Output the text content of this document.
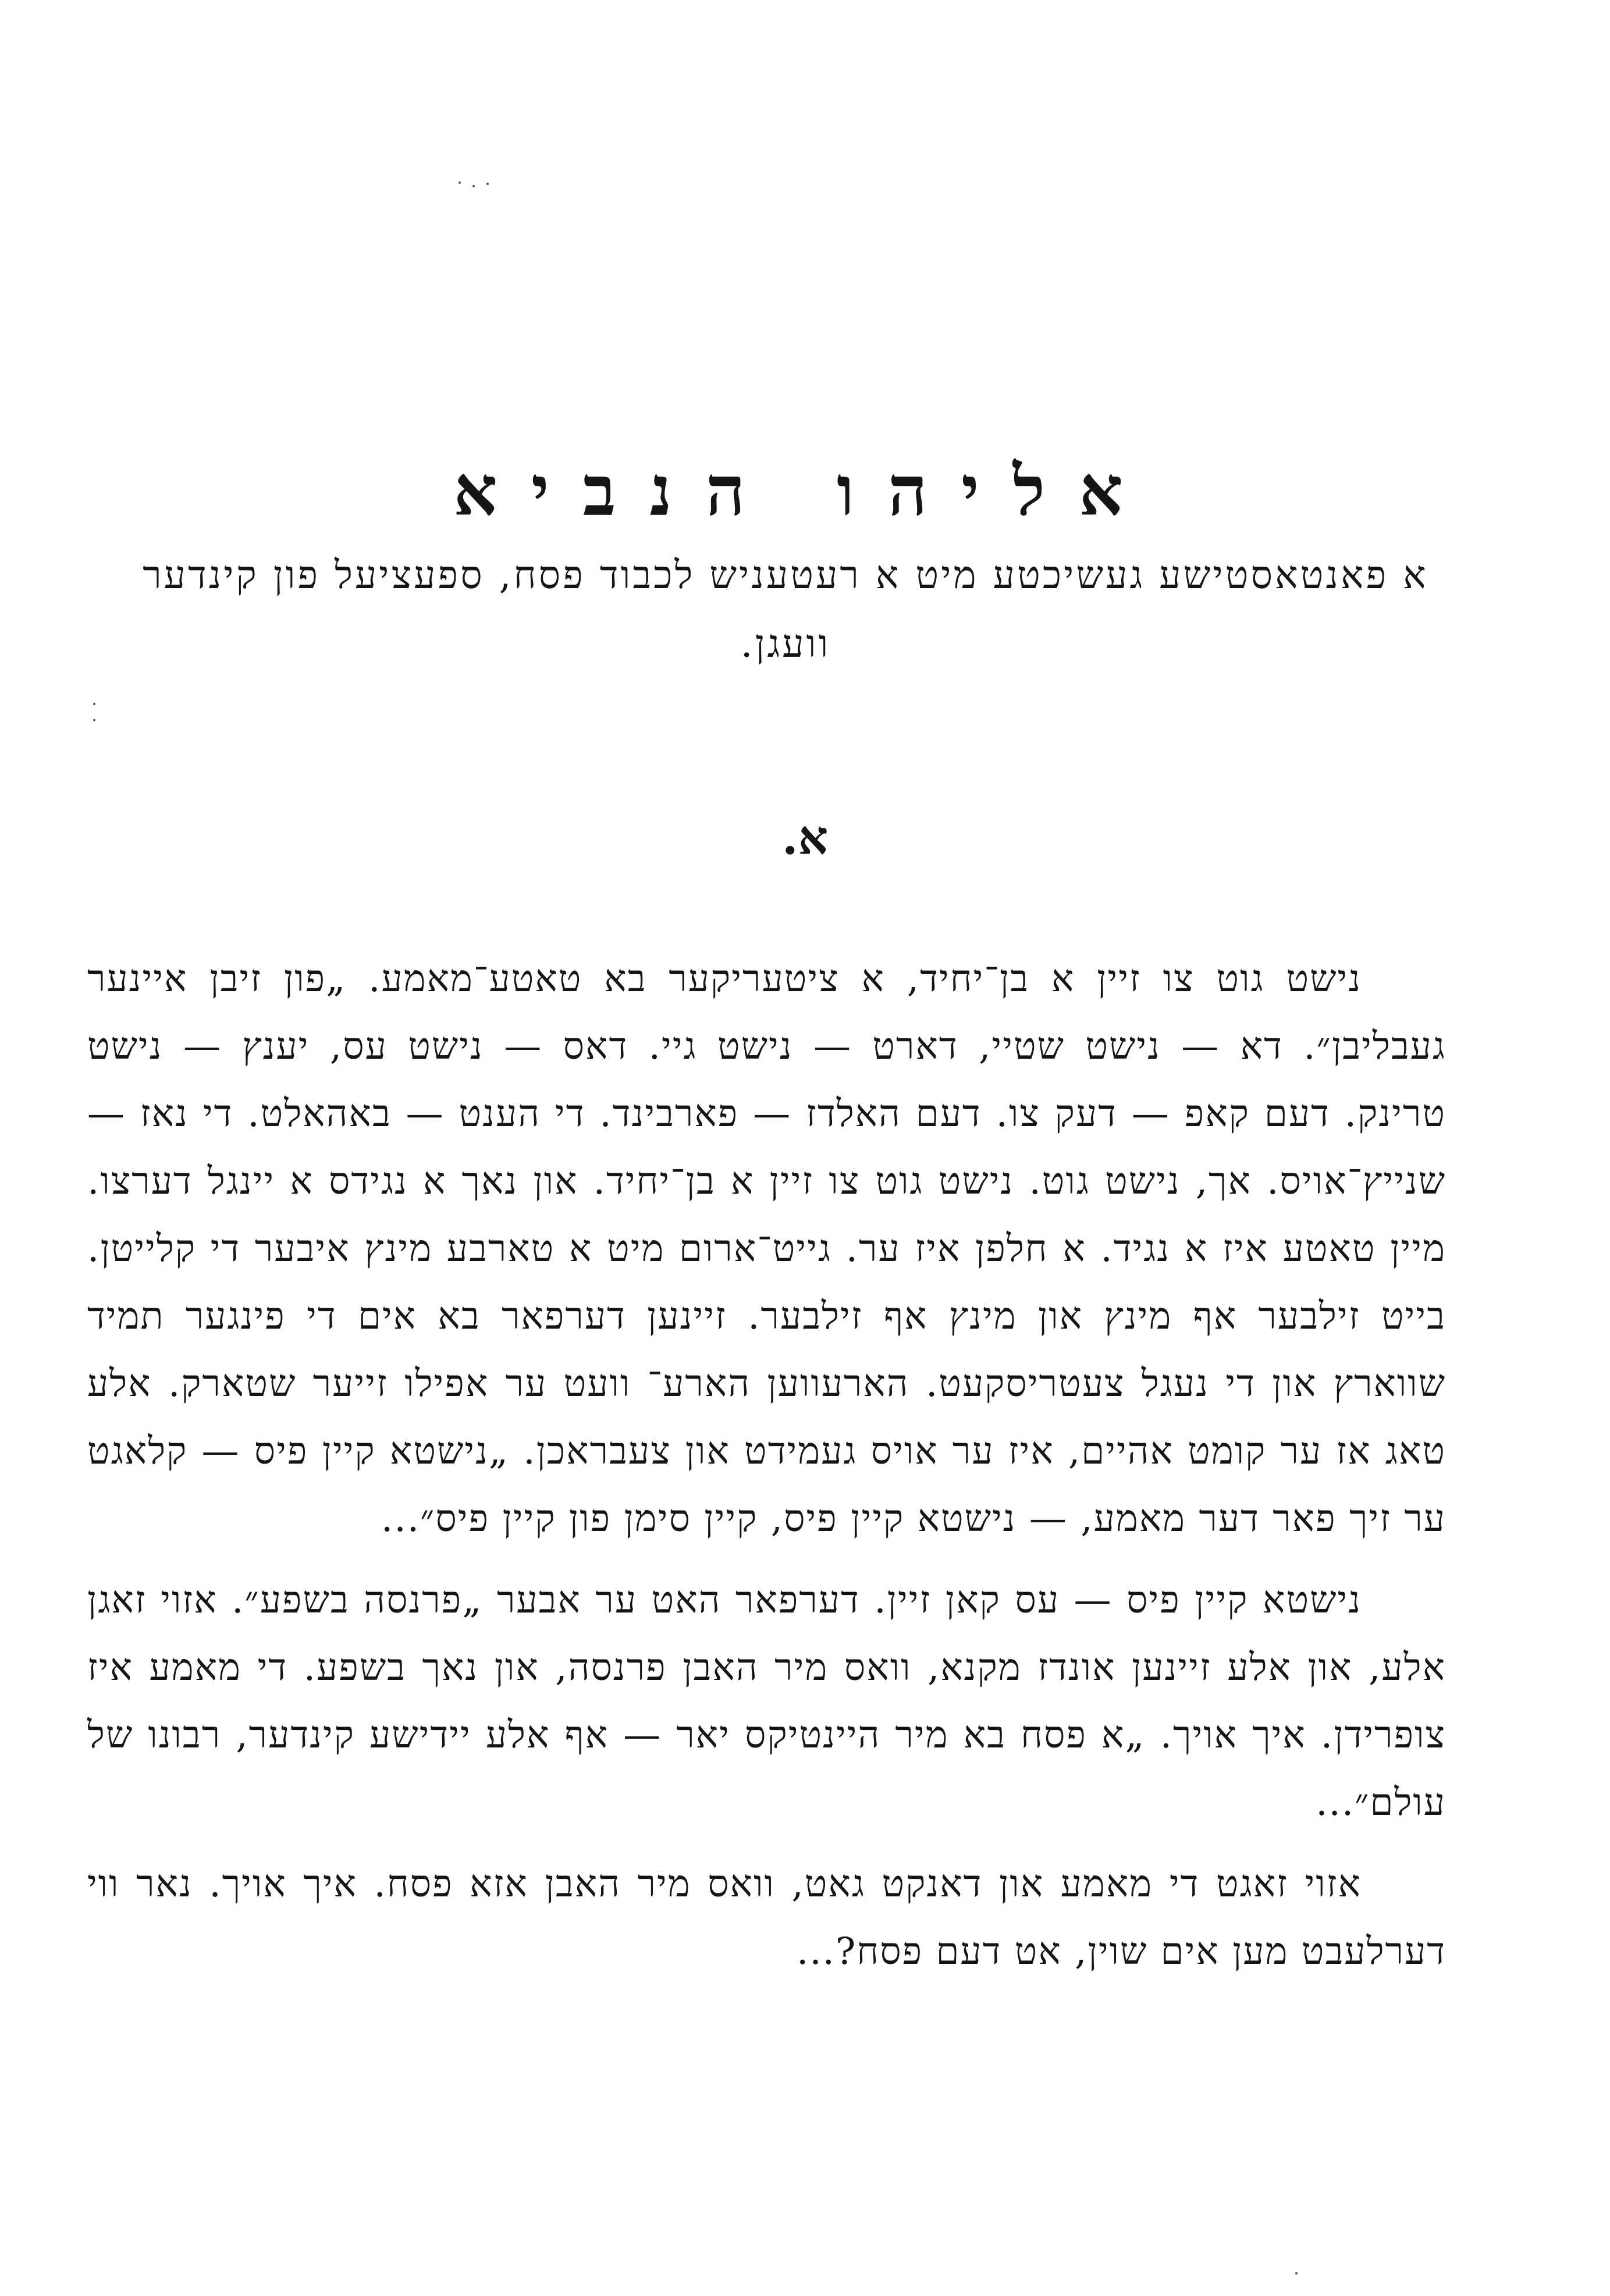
אליהו הנביא
א פאנטאסטישע געשיכטע מיט א רעטעניש לכבוד פסח, ספעציעל פון קינדער וועגן.
א.

נישט גוט צו זיין א בן־יחיד, א ציטעריקער בא טאטע־מאמע. „פון זיבן איינער געבליבן״. דא — נישט שטיי, דארט — נישט גיי. דאס — נישט עס, יענץ — נישט טרינק. דעם קאפ — דעק צו. דעם האלדז — פארבינד. די הענט — באהאלט. די נאז — שנייץ־אויס. אך, נישט גוט. נישט גוט צו זיין א בן־יחיד. און נאך א נגידס א יינגל דערצו. מיין טאטע איז א נגיד. א חלפן איז ער. גייט־ארום מיט א טארבע מינץ איבער די קלייטן. בייט זילבער אף מינץ און מינץ אף זילבער. זיינען דערפאר בא אים די פינגער תמיד שווארץ און די נעגל צעטריסקעט. הארעווען הארע־ וועט ער אפילו זייער שטארק. אלע טאג אז ער קומט אהיים, איז ער אויס געמידט און צעבראכן. „נישטא קיין פיס — קלאגט ער זיך פאר דער מאמע, — נישטא קיין פיס, קיין סימן פון קיין פיס״...

נישטא קיין פיס — עס קאן זיין. דערפאר האט ער אבער „פרנסה בשפע״. אזוי זאגן אלע, און אלע זיינען אונדז מקנא, וואס מיר האבן פרנסה, און נאך בשפע. די מאמע איז צופרידן. איך אויך. „א פסח בא מיר היינטיקס יאר — אף אלע יידישע קינדער, רבונו של עולם״...

אזוי זאגט די מאמע און דאנקט גאט, וואס מיר האבן אזא פסח. איך אויך. נאר ווי דערלעבט מען אים שוין, אט דעם פסח?...
